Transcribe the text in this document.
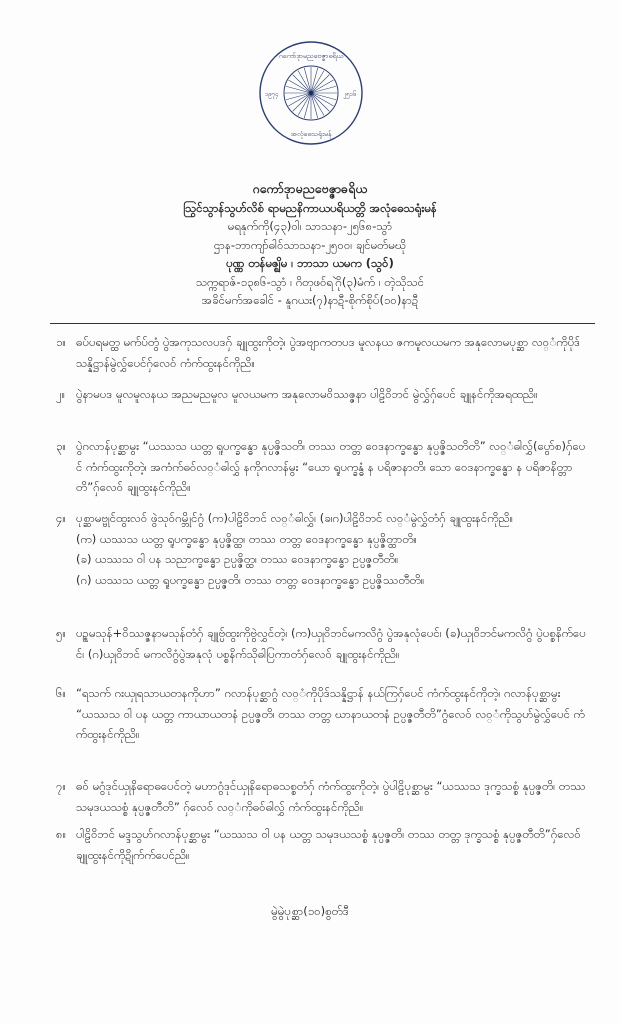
ဂကော်ဒုာမညဗေဇ္ဇာဓရိယ
၁၉၇၄	၂၅၁၆
အလုံဓေသရုံးမန်
ဂကော်ဒုာမညဗေဇ္ဇာဓရိယ
ဩွင်သွာန်သွဟ်လိစ် ရာမညနိကာယပရိယတ္တိ အလုံဓေသရုံးမန်
မရနုက်ကို(၄၃)ဝါ၊ သာသနာ-၂၅၆၈-သွာံ
ဌာန-ဘာကျာ်ဓါဝ်သာသနာ-၂၅၀၀၊ ချင်မတ်မဃို
ပုဏ္ဏ တန်မဇ္ဈိမ ၊ ဘာသာ ယမက (သွဝ်)
သက္ကရာဇ်-၁၃၈၆-သွာံ ၊ ဂိတုဖဝ်ရဂိုဲ(၃)မံက် ၊ တ္ၚဲသိုသင်
အခိင်မက်အခေါင် - နူဂယး(၇)နာဍီ-စိုက်စိုပ်(၁၀)နာဍီ
၁။ ဓပ်ပရမတ္ထ မက်ပ်တွံ ပွဲအကုသလပဒဂှ် ချူထွးကိုတဲ့၊ ပွဲအဗျာကတပဒ မူလနယ ဇကမူလယမက အနုလောမပုစ္ဆာ လဝ္ံကိုပိုဒ်သန္နိဋ္ဌာန်မွဲလွှ်ပေင်ဂှ်လေဝ် ကံက်ထွးနင်ကိုညိ။
၂။ ပွဲနာမပဒ မူလမူလနယ အညမညမူလ မူလယမက အနုလောမဝိဿဇ္ဇနာ ပါဠိဝိဘင် မွဲလွှ်ဂှ်ပေင် ချူနင်ကိုအရထညိ။
၃။ ပွဲဂလာန်ပုစ္ဆာမွး “ယဿသ ယတ္တ ရူပက္ခန္ဓော နုပ္ပဇ္ဇိသတိ၊ တဿ တတ္တ ဝေဒနာက္ခန္ဓော နုပ္ပဇ္ဇိသတိတိ” လဝ္ံဓါလွှ်(ပွော်စ)ဂှ်ပေင် ကံက်ထွးကိုတဲ့၊ အကံက်ဓဝ်လဝ္ံဓါလွှ် နကိုဂလာန်မွး “ယော ရူပက္ခန္ဓံ န ပရိဇာနာတိ၊ သော ဝေဒနာက္ခန္ဓော န ပရိဇာနိတ္တာတိ”ဂှ်လေဝ် ချူထွးနင်ကိုညိ။
၄။ ပုစ္ဆာမဗ္ဗုင်ထွးလဝ် ဖွဲသုဝ်ဂမ္ဘိုင်ဂွံ (က)ပါဠိဝိဘင် လဝ္ံဓါလွှ်၊ (ခ၊ဂ)ပါဠိဝိဘင် လဝ္ံမွဲလွှ်တံဂှ် ချူထွးနင်ကိုညိ။
(က) ယဿသ ယတ္တ ရူပက္ခန္ဓော နုပ္ပဇ္ဇိတ္ထ၊ တဿ တတ္တ ဝေဒနာက္ခန္ဓော နုပ္ပဇ္ဇိတ္ထာတိ။
(ခ) ယဿသ ဝါ ပန သညာက္ခန္ဓော ဥပ္ပဇ္ဇိတ္ထ၊ တဿ ဝေဒနာက္ခန္ဓော ဥပ္ပဇ္ဇတီတိ။
(ဂ) ယဿသ ယတ္တ ရူပက္ခန္ဓော ဥပ္ပဇ္ဇတိ၊ တဿ တတ္တ ဝေဒနာက္ခန္ဓော ဥပ္ပဇ္ဇိဿတီတိ။
၅။ ပဥ္စမသုန်+ဝိဿဇ္ဇနာမသုန်တံဂှ် ချူဗ္ပ်ထွးကိုဗွဲလွှင်တဲ့၊ (က)ယှုဝိဘင်မကလိဂွံ ပွဲအနုလုံပေင်၊ (ခ)ယှုဝိဘင်မကလိဂွံ ပွဲပစ္စနိက်ပေင်၊ (ဂ)ယှုဝိဘင် မကလိဂွံပွဲအနုလုံ ပစ္စနိက်သိုဓါပြကာတံဂှ်လေဝ် ချူထွးနင်ကိုညိ။
၆။ “ရသက် ဂးယှုရသာယတနကိုဟာ” ဂလာန်ပုစ္ဆာဂွံ လဝ္ံကိုပိုဒ်သန္နိဋ္ဌာန် နယ်ကြဂှ်ပေင် ကံက်ထွးနင်ကိုတဲ့၊ ဂလာန်ပုစ္ဆာမွး “ယဿသ ဝါ ပန ယတ္တ ကာယာယတနံ ဥပ္ပဇ္ဇတိ၊ တဿ တတ္တ ဃာနာယတနံ ဥပ္ပဇ္ဇတီတိ”ဂွံလေဝ် လဝ္ံကိုသွဟ်မွဲလွှ်ပေင် ကံက်ထွးနင်ကိုညိ။
၇။ ဓဝ် မဂွံဒုင်ယှုနိရောဓပေင်တဲ့ မဟာဂွံဒုင်ယှုနိရောဓသစ္စတံဂှ် ကံက်ထွးကိုတဲ့၊ ပွဲပါဠိပုစ္ဆာမွး “ယဿသ ဒုက္ခသစ္စံ နုပ္ပဇ္ဇတိ၊ တဿ သမုဒယသစ္စံ နုပ္ပဇ္ဇတီတိ” ဂှ်လေဝ် လဝ္ံကိုဓဝ်ဓါလွှ် ကံက်ထွးနင်ကိုညိ။
၈။ ပါဠိဝိဘင် မဒ္ဒသွဟ်ဂလာန်ပုစ္ဆာမွး “ယဿသ ဝါ ပန ယတ္တ သမုဒယသစ္စံ နုပ္ပဇ္ဇတိ၊ တဿ တတ္တ ဒုက္ခသစ္စံ နုပ္ပဇ္ဇတီတိ”ဂှ်လေဝ် ချူထွးနင်ကိုဍိုက်က်ပေင်ညိ။
မွဲမွဲပုစ္ဆာ(၁၀)စွတ်ဒီ
